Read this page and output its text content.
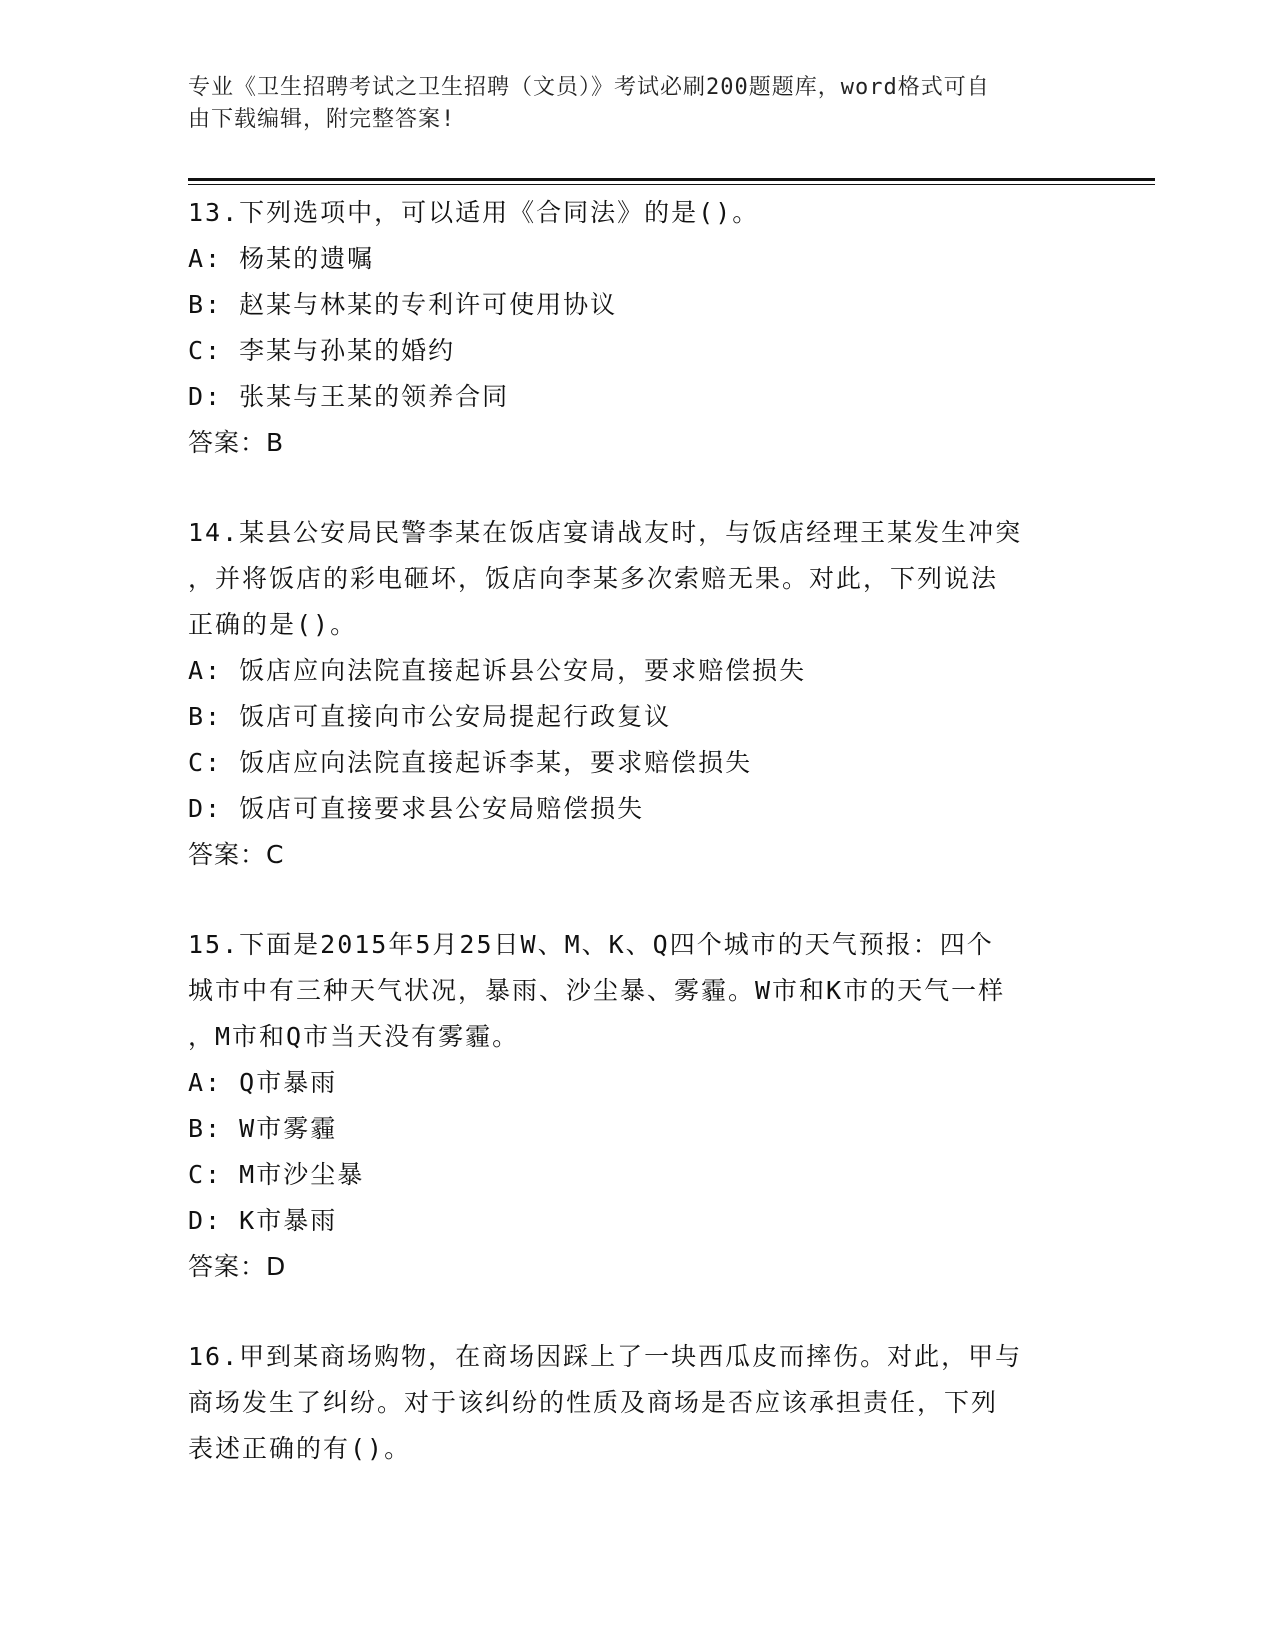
专业《卫生招聘考试之卫生招聘（文员）》考试必刷200题题库，word格式可自
由下载编辑，附完整答案!

13.下列选项中，可以适用《合同法》的是()。

A: 杨某的遗嘱

B: 赵某与林某的专利许可使用协议

C: 李某与孙某的婚约

D: 张某与王某的领养合同

答案：B

14.某县公安局民警李某在饭店宴请战友时，与饭店经理王某发生冲突

，并将饭店的彩电砸坏，饭店向李某多次索赔无果。对此，下列说法

正确的是()。

A: 饭店应向法院直接起诉县公安局，要求赔偿损失

B: 饭店可直接向市公安局提起行政复议

C: 饭店应向法院直接起诉李某，要求赔偿损失

D: 饭店可直接要求县公安局赔偿损失

答案：C

15.下面是2015年5月25日W、M、K、Q四个城市的天气预报：四个

城市中有三种天气状况，暴雨、沙尘暴、雾霾。W市和K市的天气一样

，M市和Q市当天没有雾霾。

A: Q市暴雨

B: W市雾霾

C: M市沙尘暴

D: K市暴雨

答案：D

16.甲到某商场购物，在商场因踩上了一块西瓜皮而摔伤。对此，甲与

商场发生了纠纷。对于该纠纷的性质及商场是否应该承担责任，下列

表述正确的有()。
